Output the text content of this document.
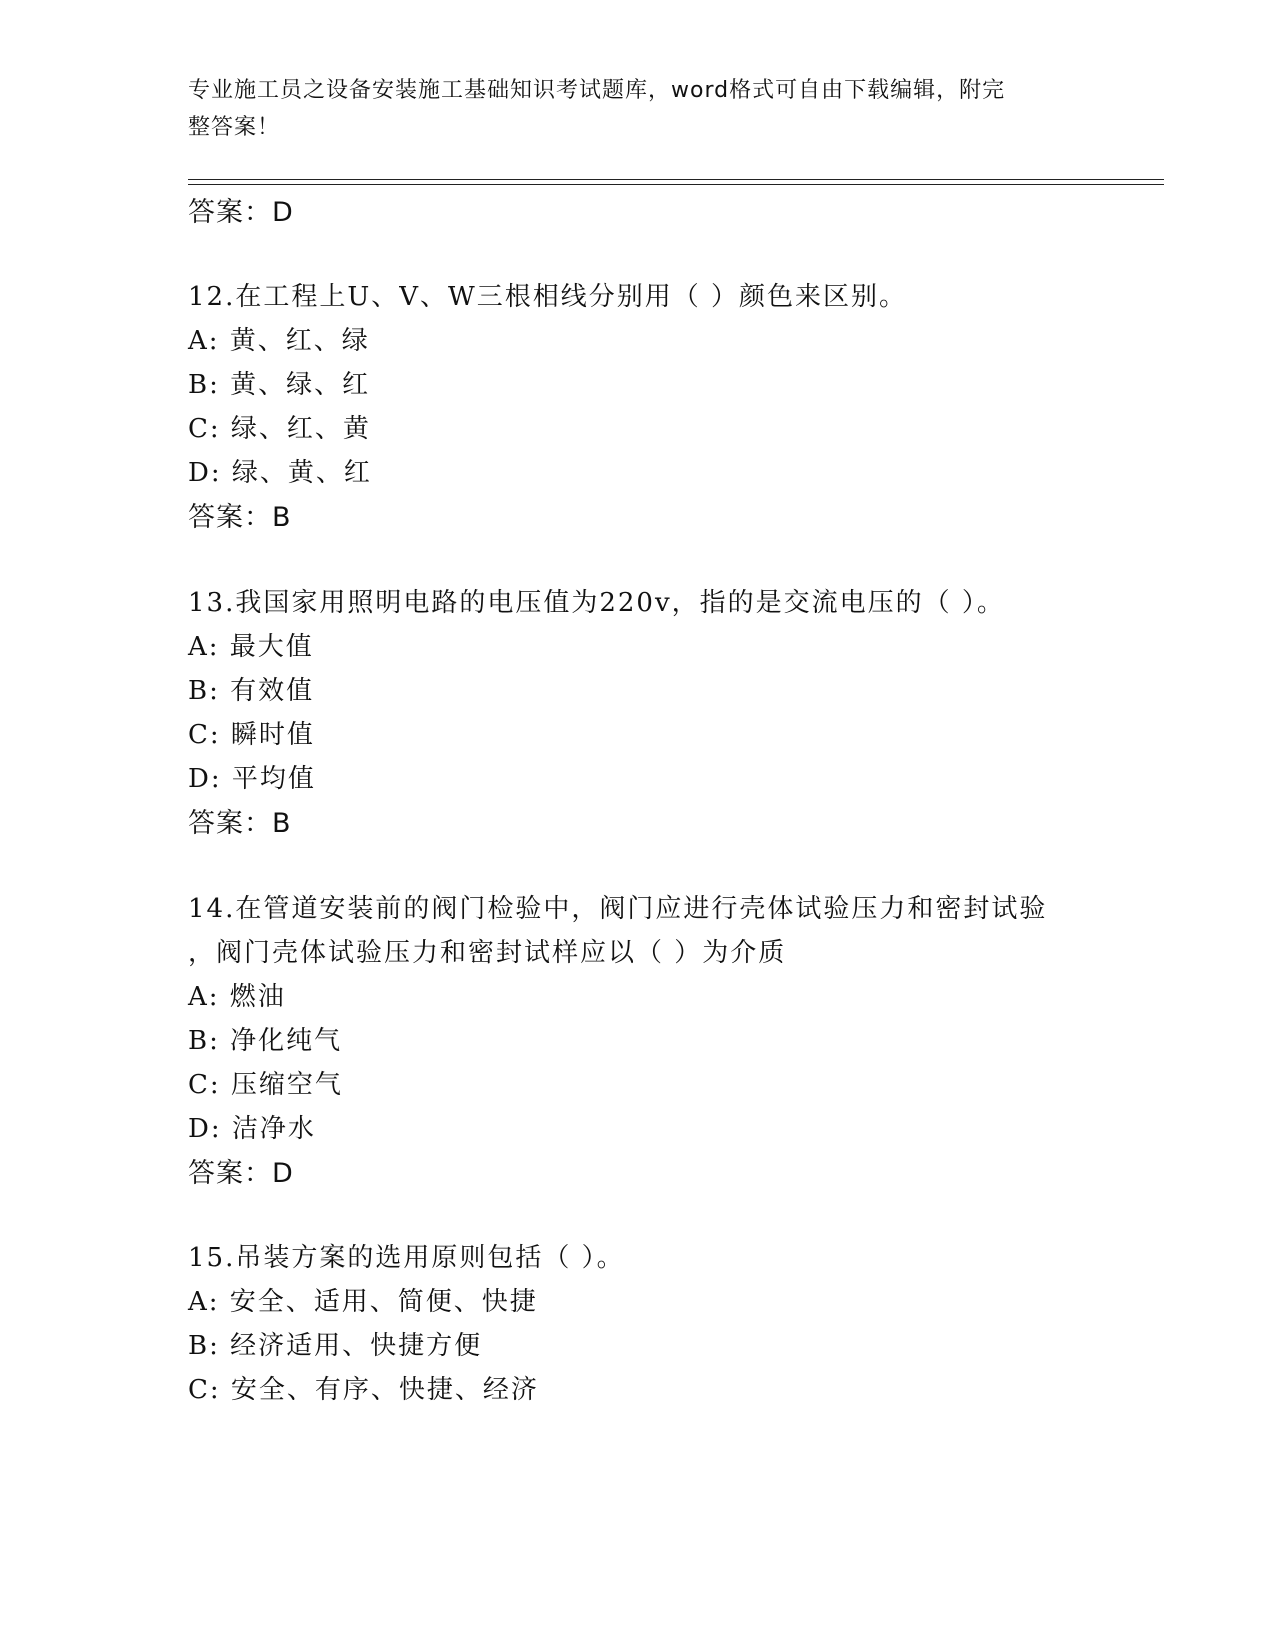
专业施工员之设备安装施工基础知识考试题库，word格式可自由下载编辑，附完
整答案！
答案：D
12.在工程上U、V、W三根相线分别用（ ）颜色来区别。
A: 黄、红、绿
B: 黄、绿、红
C: 绿、红、黄
D: 绿、黄、红
答案：B
13.我国家用照明电路的电压值为220v，指的是交流电压的（ ）。
A: 最大值
B: 有效值
C: 瞬时值
D: 平均值
答案：B
14.在管道安装前的阀门检验中，阀门应进行壳体试验压力和密封试验
，阀门壳体试验压力和密封试样应以（ ）为介质
A: 燃油
B: 净化纯气
C: 压缩空气
D: 洁净水
答案：D
15.吊装方案的选用原则包括（ ）。
A: 安全、适用、简便、快捷
B: 经济适用、快捷方便
C: 安全、有序、快捷、经济
